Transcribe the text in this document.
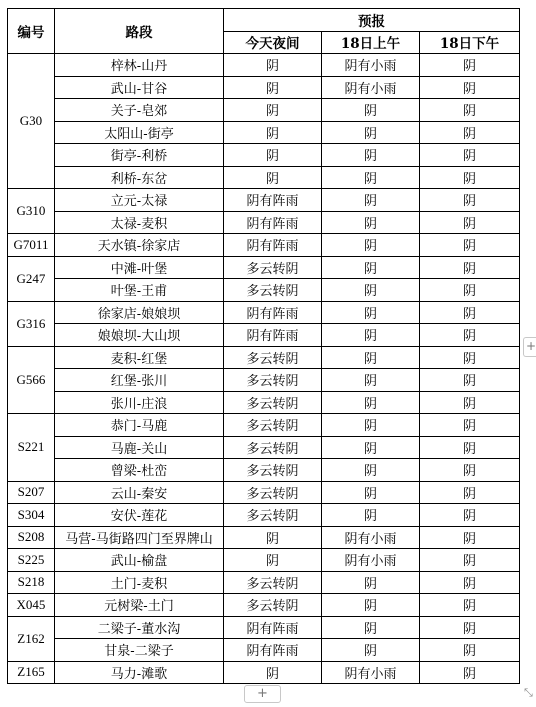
编号	路段	预报		
		今天夜间	18日上午	18日下午
G30	梓林-山丹	阴	阴有小雨	阴
	武山-甘谷	阴	阴有小雨	阴
	关子-皂郊	阴	阴	阴
	太阳山-街亭	阴	阴	阴
	街亭-利桥	阴	阴	阴
	利桥-东岔	阴	阴	阴
G310	立元-太禄	阴有阵雨	阴	阴
	太禄-麦积	阴有阵雨	阴	阴
G7011	天水镇-徐家店	阴有阵雨	阴	阴
G247	中滩-叶堡	多云转阴	阴	阴
	叶堡-王甫	多云转阴	阴	阴
G316	徐家店-娘娘坝	阴有阵雨	阴	阴
	娘娘坝-大山坝	阴有阵雨	阴	阴
G566	麦积-红堡	多云转阴	阴	阴
	红堡-张川	多云转阴	阴	阴
	张川-庄浪	多云转阴	阴	阴
S221	恭门-马鹿	多云转阴	阴	阴
	马鹿-关山	多云转阴	阴	阴
	曾梁-杜峦	多云转阴	阴	阴
S207	云山-秦安	多云转阴	阴	阴
S304	安伏-莲花	多云转阴	阴	阴
S208	马营-马街路四门至界牌山	阴	阴有小雨	阴
S225	武山-榆盘	阴	阴有小雨	阴
S218	土门-麦积	多云转阴	阴	阴
X045	元树梁-土门	多云转阴	阴	阴
Z162	二梁子-董水沟	阴有阵雨	阴	阴
	甘泉-二梁子	阴有阵雨	阴	阴
Z165	马力-滩歌	阴	阴有小雨	阴
+
+	⤡
